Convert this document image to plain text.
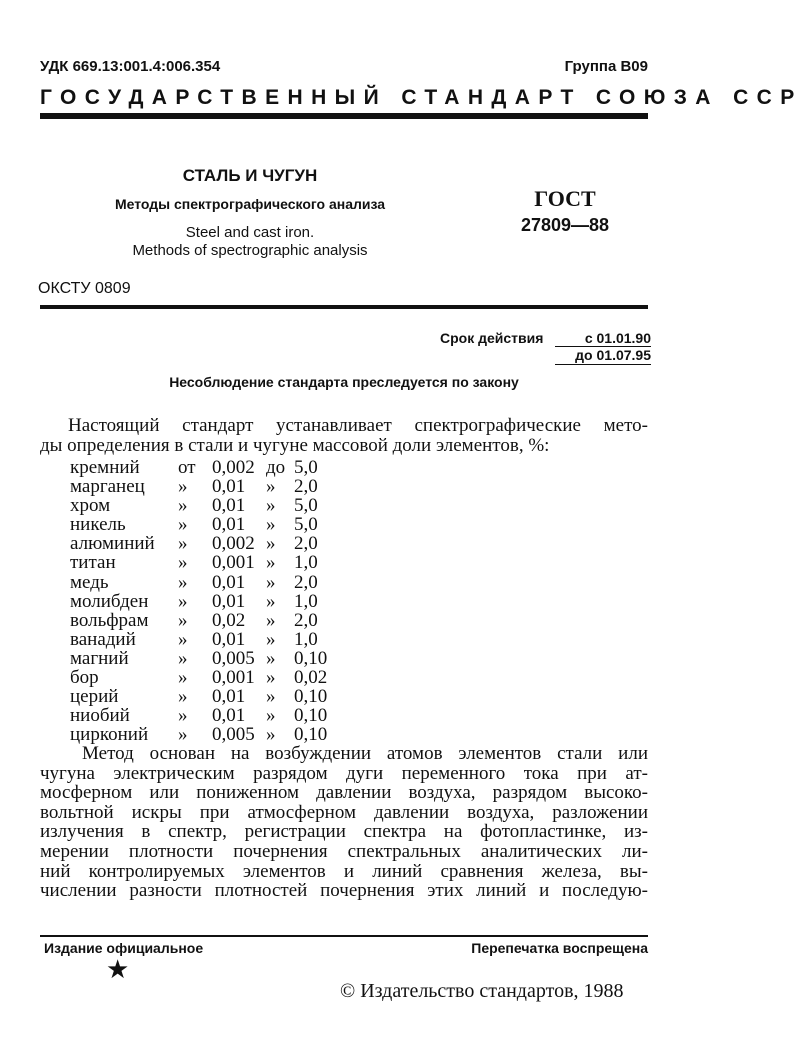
УДК 669.13:001.4:006.354	Группа В09
ГОСУДАРСТВЕННЫЙ СТАНДАРТ СОЮЗА ССР
СТАЛЬ И ЧУГУН
Методы спектрографического анализа
Steel and cast iron.
Methods of spectrographic analysis
ГОСТ
27809—88
ОКСТУ 0809
Срок действия	с 01.01.90
до 01.07.95
Несоблюдение стандарта преследуется по закону
Настоящий стандарт устанавливает спектрографические мето-
ды определения в стали и чугуне массовой доли элементов, %:
кремний	от	0,002	до	5,0
марганец	»	0,01	»	2,0
хром	»	0,01	»	5,0
никель	»	0,01	»	5,0
алюминий	»	0,002	»	2,0
титан	»	0,001	»	1,0
медь	»	0,01	»	2,0
молибден	»	0,01	»	1,0
вольфрам	»	0,02	»	2,0
ванадий	»	0,01	»	1,0
магний	»	0,005	»	0,10
бор	»	0,001	»	0,02
церий	»	0,01	»	0,10
ниобий	»	0,01	»	0,10
цирконий	»	0,005	»	0,10
Метод основан на возбуждении атомов элементов стали или
чугуна электрическим разрядом дуги переменного тока при ат-
мосферном или пониженном давлении воздуха, разрядом высоко-
вольтной искры при атмосферном давлении воздуха, разложении
излучения в спектр, регистрации спектра на фотопластинке, из-
мерении плотности почернения спектральных аналитических ли-
ний контролируемых элементов и линий сравнения железа, вы-
числении разности плотностей почернения этих линий и последую-
Издание официальное	Перепечатка воспрещена
★
© Издательство стандартов, 1988
